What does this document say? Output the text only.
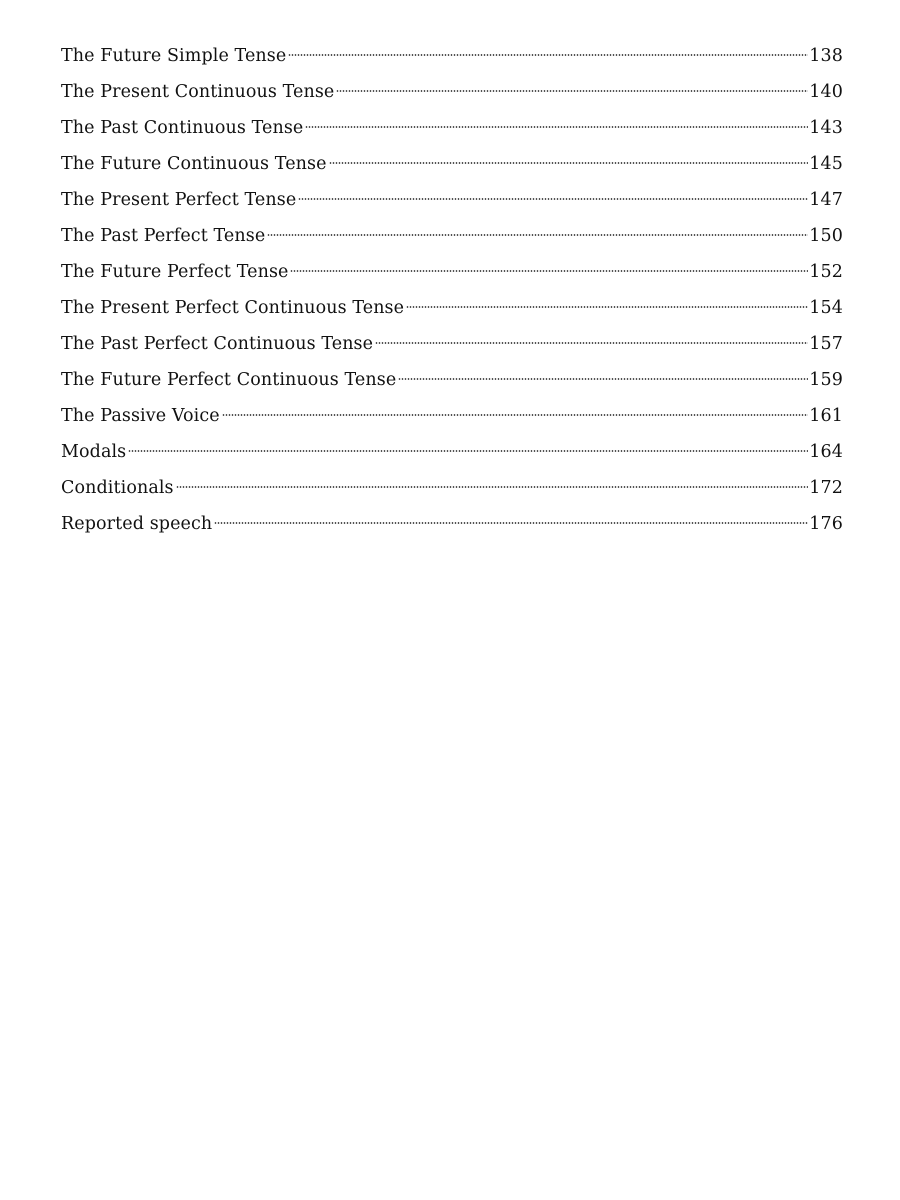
The Future Simple Tense	138
The Present Continuous Tense	140
The Past Continuous Tense	143
The Future Continuous Tense	145
The Present Perfect Tense	147
The Past Perfect Tense	150
The Future Perfect Tense	152
The Present Perfect Continuous Tense	154
The Past Perfect Continuous Tense	157
The Future Perfect Continuous Tense	159
The Passive Voice	161
Modals	164
Conditionals	172
Reported speech	176
